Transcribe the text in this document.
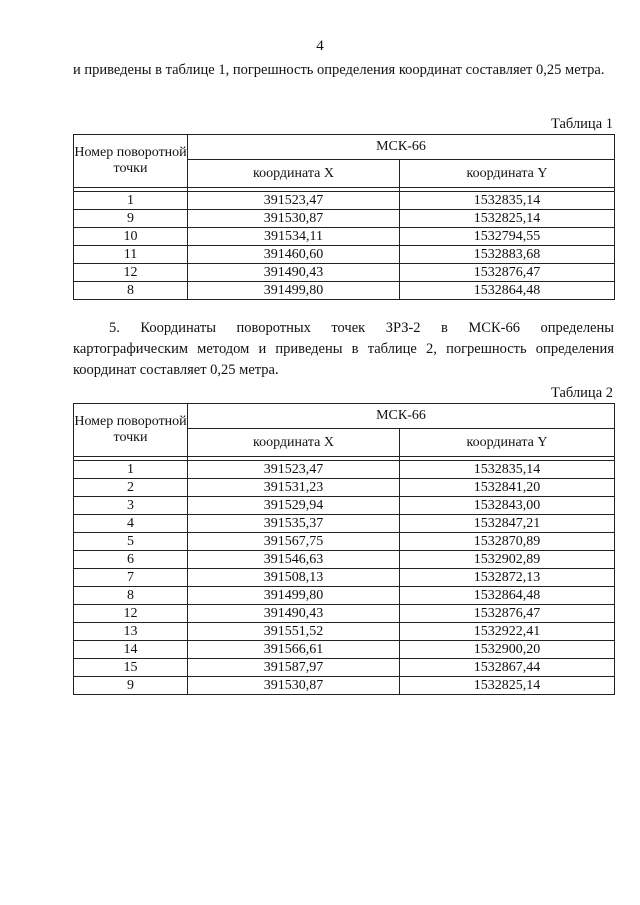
4

и приведены в таблице 1, погрешность определения координат составляет 0,25 метра.

Таблица 1
Номер поворотной точки	МСК-66	
	координата X	координата Y

1	391523,47	1532835,14
9	391530,87	1532825,14
10	391534,11	1532794,55
11	391460,60	1532883,68
12	391490,43	1532876,47
8	391499,80	1532864,48

5. Координаты поворотных точек ЗРЗ-2 в МСК-66 определены картографическим методом и приведены в таблице 2, погрешность определения координат составляет 0,25 метра.

Таблица 2
Номер поворотной точки	МСК-66	
	координата X	координата Y

1	391523,47	1532835,14
2	391531,23	1532841,20
3	391529,94	1532843,00
4	391535,37	1532847,21
5	391567,75	1532870,89
6	391546,63	1532902,89
7	391508,13	1532872,13
8	391499,80	1532864,48
12	391490,43	1532876,47
13	391551,52	1532922,41
14	391566,61	1532900,20
15	391587,97	1532867,44
9	391530,87	1532825,14
